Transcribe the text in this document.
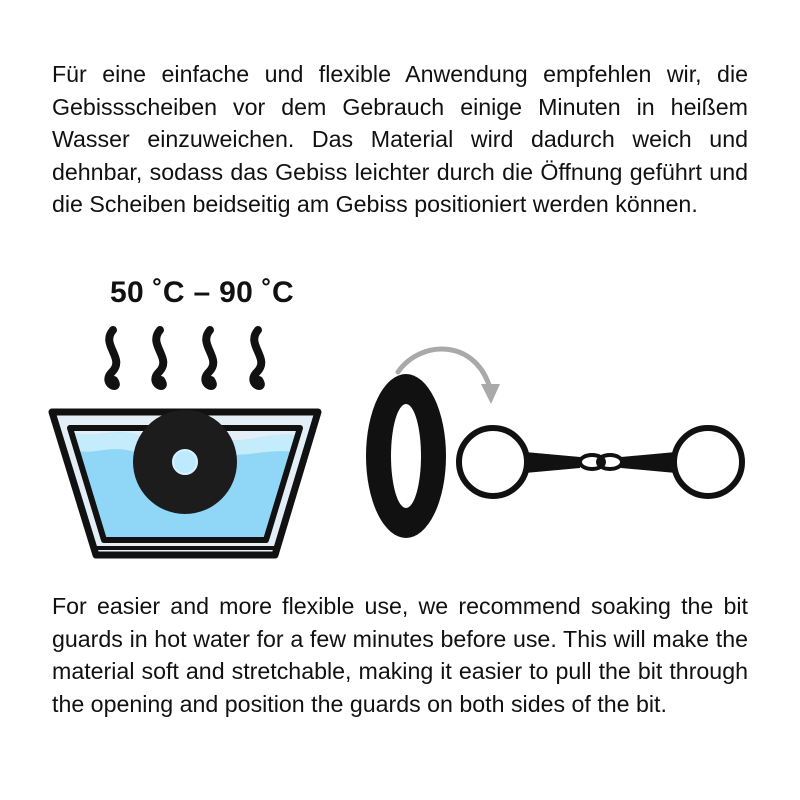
Für eine einfache und flexible Anwendung empfehlen wir, die Gebissscheiben vor dem Gebrauch einige Minuten in heißem Wasser einzuweichen. Das Material wird dadurch weich und dehnbar, sodass das Gebiss leichter durch die Öffnung geführt und die Scheiben beidseitig am Gebiss positioniert werden können.
50 ˚C – 90 ˚C
For easier and more flexible use, we recommend soaking the bit guards in hot water for a few minutes before use. This will make the material soft and stretchable, making it easier to pull the bit through the opening and position the guards on both sides of the bit.
